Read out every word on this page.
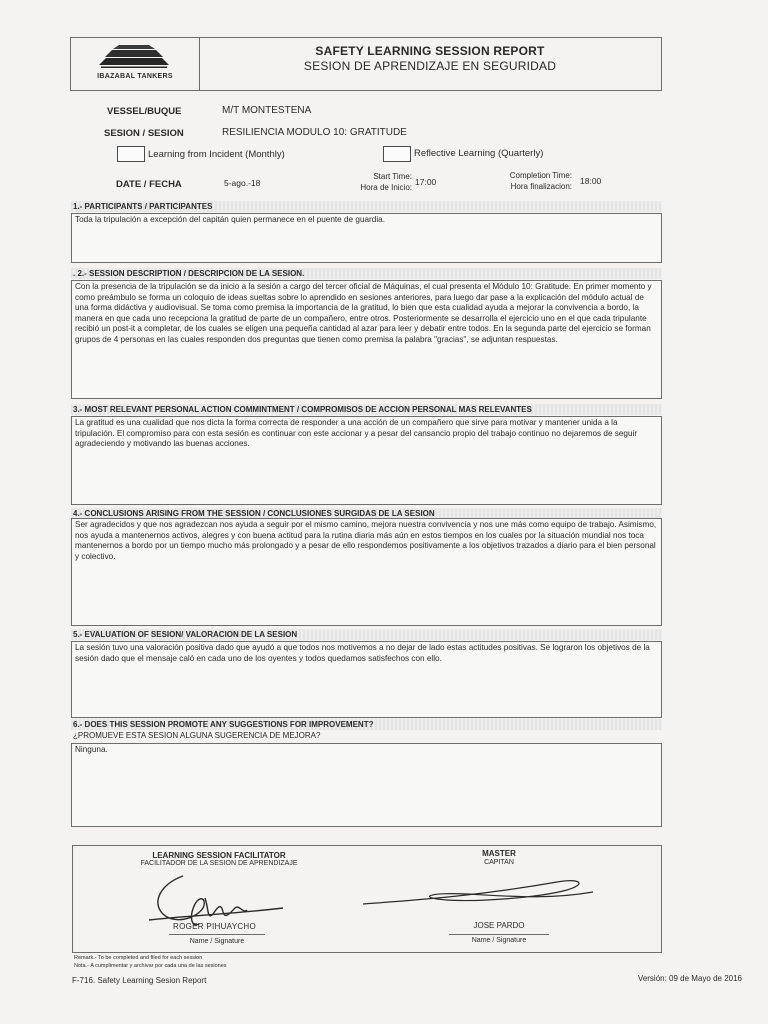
IBAZABAL TANKERS
SAFETY LEARNING SESSION REPORT
SESION DE APRENDIZAJE EN SEGURIDAD
VESSEL/BUQUE	M/T MONTESTENA
SESION / SESION	RESILIENCIA MODULO 10: GRATITUDE
Learning from Incident (Monthly)	Reflective Learning (Quarterly)
DATE / FECHA	5-ago.-18
Start Time:
Hora de Inicio:
17:00
Completion Time:
Hora finalizacion:
18:00
1.- PARTICIPANTS / PARTICIPANTES
Toda la tripulación a excepción del capitán quien permanece en el puente de guardia.
. 2.- SESSION DESCRIPTION / DESCRIPCION DE LA SESION.
Con la presencia de la tripulación se da inicio a la sesión a cargo del tercer oficial de Máquinas, el cual presenta el Módulo 10: Gratitude. En primer momento y como preámbulo se forma un coloquio de ideas sueltas sobre lo aprendido en sesiones anteriores, para luego dar pase a la explicación del módulo actual de una forma didáctiva y audiovisual. Se toma como premisa la importancia de la gratitud, lo bien que esta cualidad ayuda a mejorar la convivencia a bordo, la manera en que cada uno recepciona la gratitud de parte de un compañero, entre otros. Posteriormente se desarrolla el ejercicio uno en el que cada tripulante recibió un post-it a completar, de los cuales se eligen una pequeña cantidad al azar para leer y debatir entre todos. En la segunda parte del ejercicio se forman grupos de 4 personas en las cuales responden dos preguntas que tienen como premisa la palabra "gracias", se adjuntan respuestas.
3.- MOST RELEVANT PERSONAL ACTION COMMINTMENT / COMPROMISOS DE ACCION PERSONAL MAS RELEVANTES
La gratitud es una cualidad que nos dicta la forma correcta de responder a una acción de un compañero que sirve para motivar y mantener unida a la tripulación. El compromiso para con esta sesión es continuar con este accionar y a pesar del cansancio propio del trabajo continuo no dejaremos de seguir agradeciendo y motivando las buenas acciones.
4.- CONCLUSIONS ARISING FROM THE SESSION / CONCLUSIONES SURGIDAS DE LA SESION
Ser agradecidos y que nos agradezcan nos ayuda a seguir por el mismo camino, mejora nuestra convivencia y nos une más como equipo de trabajo. Asimismo, nos ayuda a mantenernos activos, alegres y con buena actitud para la rutina diaria más aún en estos tiempos en los cuales por la situación mundial nos toca mantenernos a bordo por un tiempo mucho más prolongado y a pesar de ello respondemos positivamente a los objetivos trazados a diario para el bien personal y colectivo.
5.- EVALUATION OF SESION/ VALORACION DE LA SESION
La sesión tuvo una valoración positiva dado que ayudó a que todos nos motivemos a no dejar de lado estas actitudes positivas. Se lograron los objetivos de la sesión dado que el mensaje caló en cada uno de los oyentes y todos quedamos satisfechos con ello.
6.- DOES THIS SESSION PROMOTE ANY SUGGESTIONS FOR IMPROVEMENT?
¿PROMUEVE ESTA SESION ALGUNA SUGERENCIA DE MEJORA?
Ninguna.
LEARNING SESSION FACILITATOR
FACILITADOR DE LA SESION DE APRENDIZAJE
ROGER PIHUAYCHO
Name / Signature
MASTER
CAPITAN
JOSE PARDO
Name / Signature
Remark.- To be completed and filed for each session
Nota.- A cumplimentar y archivar por cada una de las sesiones
F-716. Safety Learning Sesion Report	Versión: 09 de Mayo de 2016
